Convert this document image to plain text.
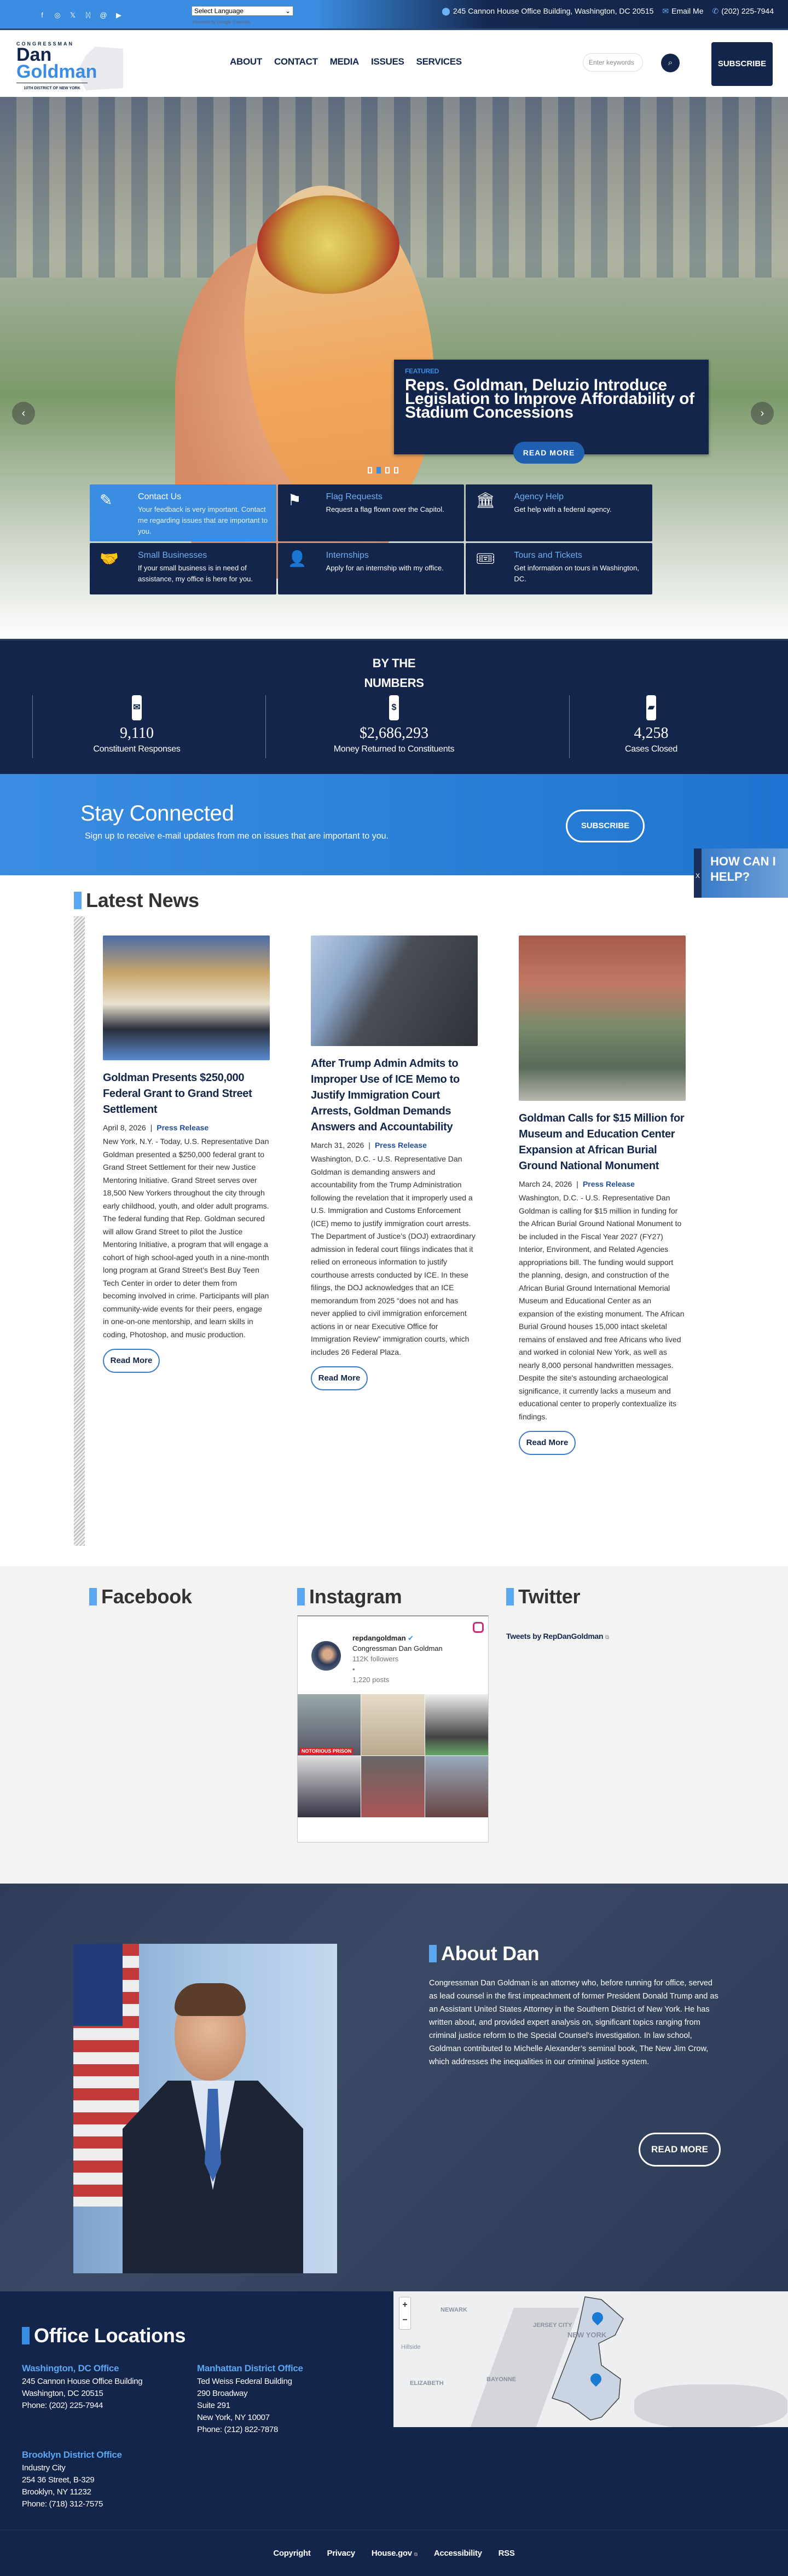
f	◎ 𝕏 ᛞ @ ▶	Select Language	⌄
Powered by Google Translate
⬤ 245 Cannon House Office Building, Washington, DC 20515 ✉ Email Me ✆ (202) 225-7944
CONGRESSMAN
Dan
Goldman
10TH DISTRICT OF NEW YORK
ABOUT CONTACT MEDIA ISSUES SERVICES	Enter keywords	⌕	SUBSCRIBE
‹	›
FEATURED
Reps. Goldman, Deluzio Introduce Legislation to Improve Affordability of Stadium Concessions
READ MORE
✎	Contact Us

Your feedback is very important. Contact me regarding issues that are important to you.

⚑	Flag Requests

Request a flag flown over the Capitol.

🏛 Agency Help

Get help with a federal agency.

🤝 Small Businesses

If your small business is in need of assistance, my office is here for you.

👤 Internships

Apply for an internship with my office.

🎟 Tours and Tickets

Get information on tours in Washington, DC.

BY THE NUMBERS
✉
9,110
Constituent Responses
$
$2,686,293
Money Returned to Constituents
▰
4,258
Cases Closed
Stay Connected

Sign up to receive e-mail updates from me on issues that are important to you.

SUBSCRIBE
X
HOW CAN I HELP?
Latest News
Goldman Presents $250,000 Federal Grant to Grand Street Settlement
April 8, 2026 | Press Release

New York, N.Y. - Today, U.S. Representative Dan Goldman presented a $250,000 federal grant to Grand Street Settlement for their new Justice Mentoring Initiative. Grand Street serves over 18,500 New Yorkers throughout the city through early childhood, youth, and older adult programs. The federal funding that Rep. Goldman secured will allow Grand Street to pilot the Justice Mentoring Initiative, a program that will engage a cohort of high school-aged youth in a nine-month long program at Grand Street’s Best Buy Teen Tech Center in order to deter them from becoming involved in crime. Participants will plan community-wide events for their peers, engage in one-on-one mentorship, and learn skills in coding, Photoshop, and music production.

Read More
After Trump Admin Admits to Improper Use of ICE Memo to Justify Immigration Court Arrests, Goldman Demands Answers and Accountability
March 31, 2026 | Press Release

Washington, D.C. - U.S. Representative Dan Goldman is demanding answers and accountability from the Trump Administration following the revelation that it improperly used a U.S. Immigration and Customs Enforcement (ICE) memo to justify immigration court arrests. The Department of Justice’s (DOJ) extraordinary admission in federal court filings indicates that it relied on erroneous information to justify courthouse arrests conducted by ICE. In these filings, the DOJ acknowledges that an ICE memorandum from 2025 “does not and has never applied to civil immigration enforcement actions in or near Executive Office for Immigration Review” immigration courts, which includes 26 Federal Plaza.

Read More
Goldman Calls for $15 Million for Museum and Education Center Expansion at African Burial Ground National Monument
March 24, 2026 | Press Release

Washington, D.C. - U.S. Representative Dan Goldman is calling for $15 million in funding for the African Burial Ground National Monument to be included in the Fiscal Year 2027 (FY27) Interior, Environment, and Related Agencies appropriations bill. The funding would support the planning, design, and construction of the African Burial Ground International Memorial Museum and Educational Center as an expansion of the existing monument. The African Burial Ground houses 15,000 intact skeletal remains of enslaved and free Africans who lived and worked in colonial New York, as well as nearly 8,000 personal handwritten messages. Despite the site's astounding archaeological significance, it currently lacks a museum and educational center to properly contextualize its findings.

Read More
Facebook	Instagram	Twitter
repdangoldman ✔
Congressman Dan Goldman
112K followers
•
1,220 posts
NOTORIOUS PRISON
Tweets by RepDanGoldman ⧉
About Dan

Congressman Dan Goldman is an attorney who, before running for office, served as lead counsel in the first impeachment of former President Donald Trump and as an Assistant United States Attorney in the Southern District of New York. He has written about, and provided expert analysis on, significant topics ranging from criminal justice reform to the Special Counsel's investigation. In law school, Goldman contributed to Michelle Alexander’s seminal book, The New Jim Crow, which addresses the inequalities in our criminal justice system.

READ MORE
Office Locations
Washington, DC Office
245 Cannon House Office Building
Washington, DC 20515
Phone: (202) 225-7944
Manhattan District Office
Ted Weiss Federal Building
290 Broadway
Suite 291
New York, NY 10007
Phone: (212) 822-7878
Brooklyn District Office
Industry City
254 36 Street, B-329
Brooklyn, NY 11232
Phone: (718) 312-7575
NEWARK
JERSEY CITY
NEW YORK
Hillside
BAYONNE
ELIZABETH
+
−
Copyright Privacy House.gov ⧉ Accessibility RSS
